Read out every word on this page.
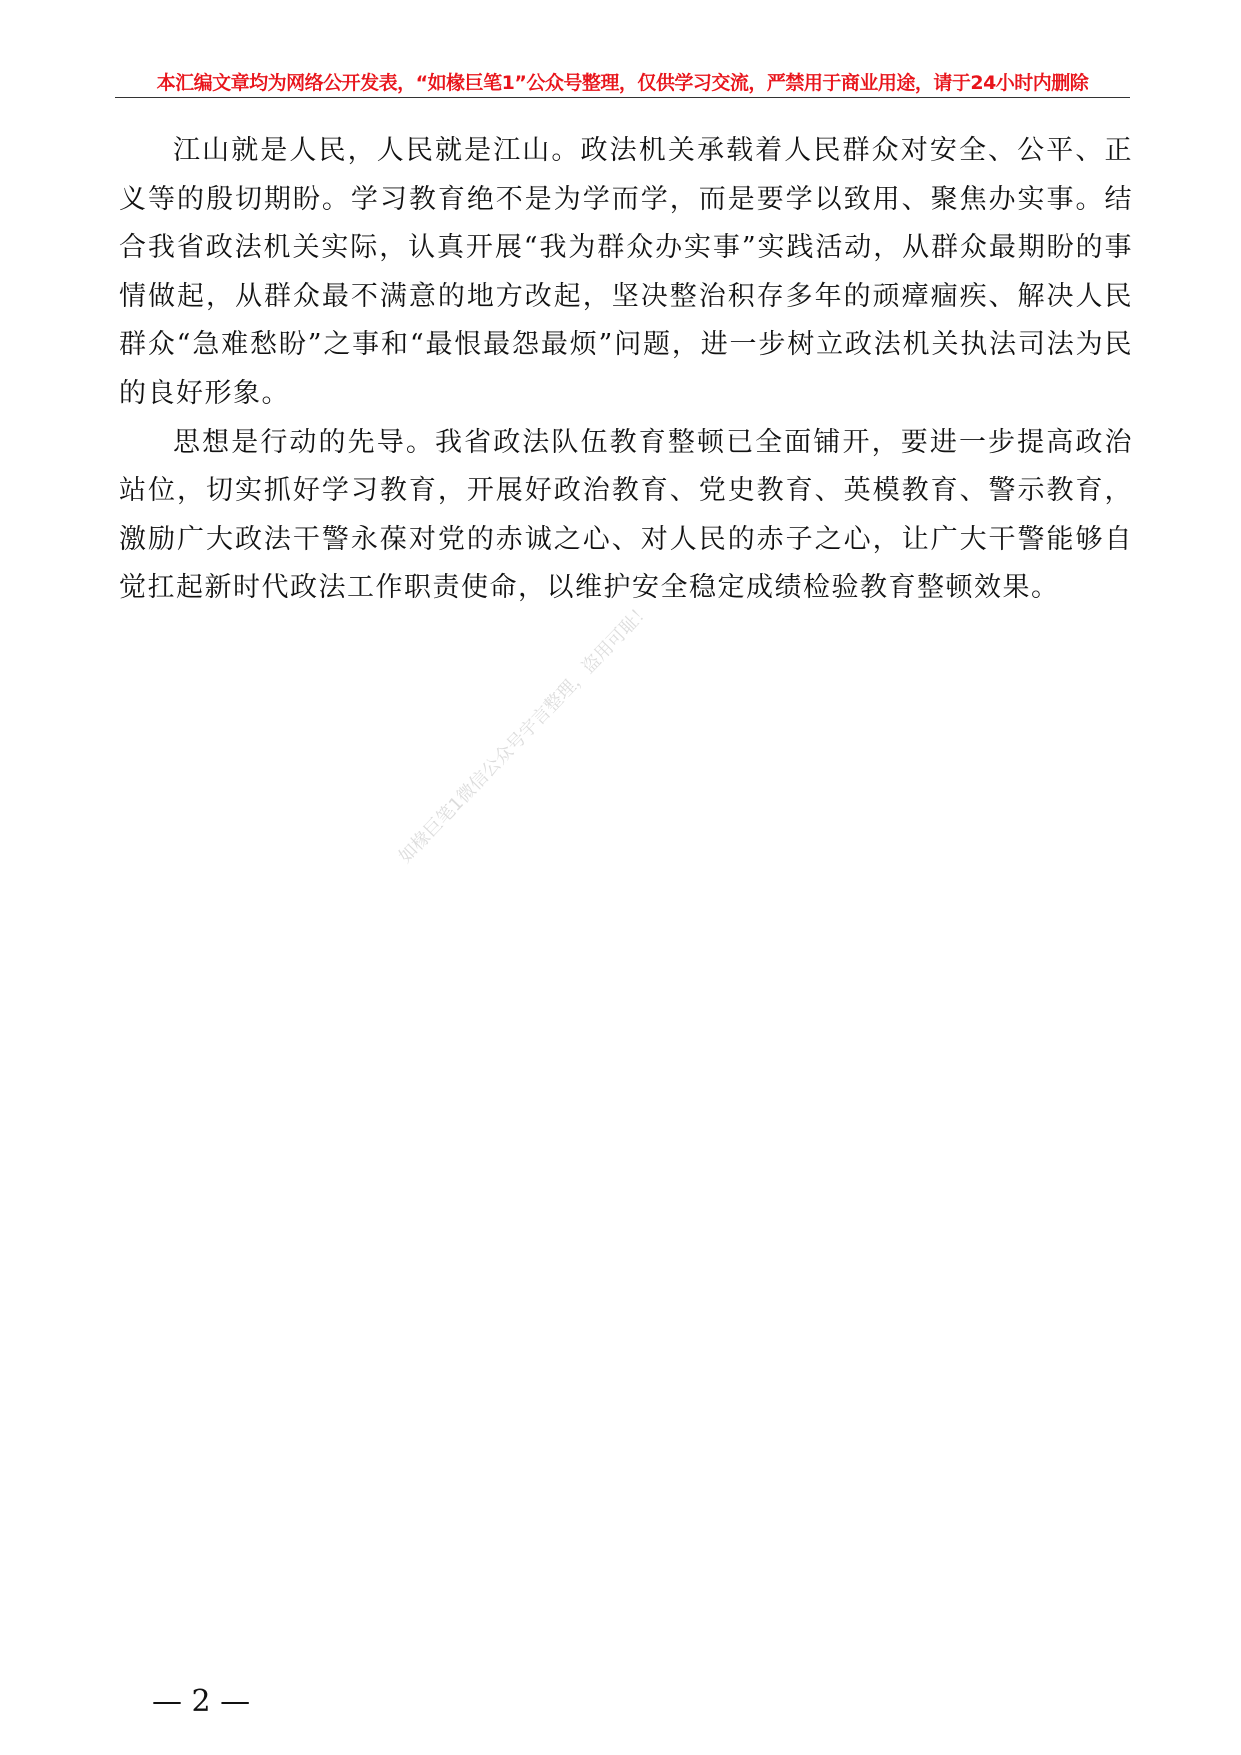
本汇编文章均为网络公开发表，“如椽巨笔1”公众号整理，仅供学习交流，严禁用于商业用途，请于24小时内删除

江山就是人民，人民就是江山。政法机关承载着人民群众对安全、公平、正义等的殷切期盼。学习教育绝不是为学而学，而是要学以致用、聚焦办实事。结合我省政法机关实际，认真开展“我为群众办实事”实践活动，从群众最期盼的事情做起，从群众最不满意的地方改起，坚决整治积存多年的顽瘴痼疾、解决人民群众“急难愁盼”之事和“最恨最怨最烦”问题，进一步树立政法机关执法司法为民的良好形象。

思想是行动的先导。我省政法队伍教育整顿已全面铺开，要进一步提高政治站位，切实抓好学习教育，开展好政治教育、党史教育、英模教育、警示教育，激励广大政法干警永葆对党的赤诚之心、对人民的赤子之心，让广大干警能够自觉扛起新时代政法工作职责使命，以维护安全稳定成绩检验教育整顿效果。

如椽巨笔1微信公众号宇言整理，盗用可耻！
— 2 —
